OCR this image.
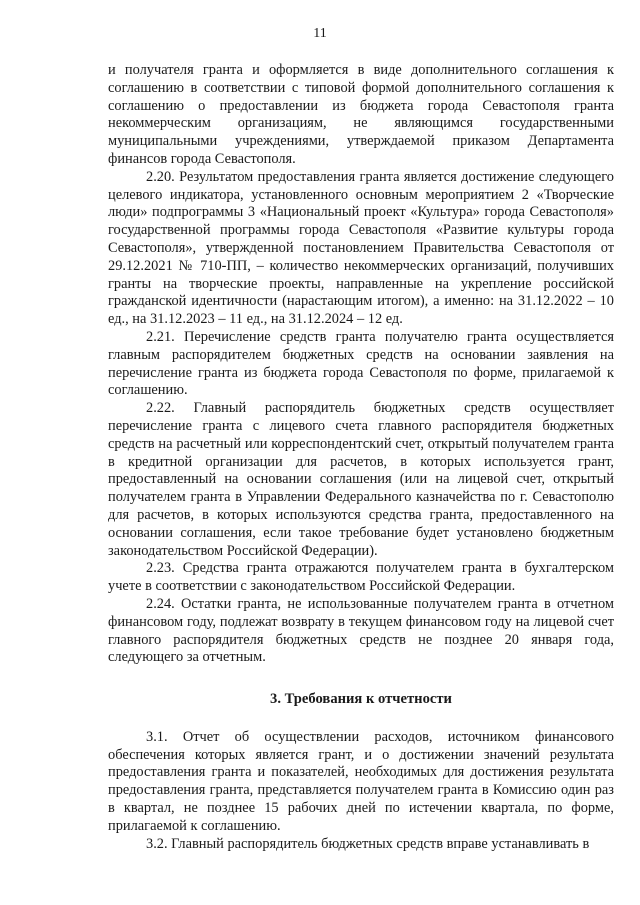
11

и получателя гранта и оформляется в виде дополнительного соглашения к соглашению в соответствии с типовой формой дополнительного соглашения к соглашению о предоставлении из бюджета города Севастополя гранта некоммерческим организациям, не являющимся государственными муниципальными учреждениями, утверждаемой приказом Департамента финансов города Севастополя.

2.20. Результатом предоставления гранта является достижение следующего целевого индикатора, установленного основным мероприятием 2 «Творческие люди» подпрограммы 3 «Национальный проект «Культура» города Севастополя» государственной программы города Севастополя «Развитие культуры города Севастополя», утвержденной постановлением Правительства Севастополя от 29.12.2021 № 710-ПП, – количество некоммерческих организаций, получивших гранты на творческие проекты, направленные на укрепление российской гражданской идентичности (нарастающим итогом), а именно: на 31.12.2022 – 10 ед., на 31.12.2023 – 11 ед., на 31.12.2024 – 12 ед.

2.21. Перечисление средств гранта получателю гранта осуществляется главным распорядителем бюджетных средств на основании заявления на перечисление гранта из бюджета города Севастополя по форме, прилагаемой к соглашению.

2.22. Главный распорядитель бюджетных средств осуществляет перечисление гранта с лицевого счета главного распорядителя бюджетных средств на расчетный или корреспондентский счет, открытый получателем гранта в кредитной организации для расчетов, в которых используется грант, предоставленный на основании соглашения (или на лицевой счет, открытый получателем гранта в Управлении Федерального казначейства по г. Севастополю для расчетов, в которых используются средства гранта, предоставленного на основании соглашения, если такое требование будет установлено бюджетным законодательством Российской Федерации).

2.23. Средства гранта отражаются получателем гранта в бухгалтерском учете в соответствии с законодательством Российской Федерации.

2.24. Остатки гранта, не использованные получателем гранта в отчетном финансовом году, подлежат возврату в текущем финансовом году на лицевой счет главного распорядителя бюджетных средств не позднее 20 января года, следующего за отчетным.

3. Требования к отчетности

3.1. Отчет об осуществлении расходов, источником финансового обеспечения которых является грант, и о достижении значений результата предоставления гранта и показателей, необходимых для достижения результата предоставления гранта, представляется получателем гранта в Комиссию один раз в квартал, не позднее 15 рабочих дней по истечении квартала, по форме, прилагаемой к соглашению.

3.2. Главный распорядитель бюджетных средств вправе устанавливать в
